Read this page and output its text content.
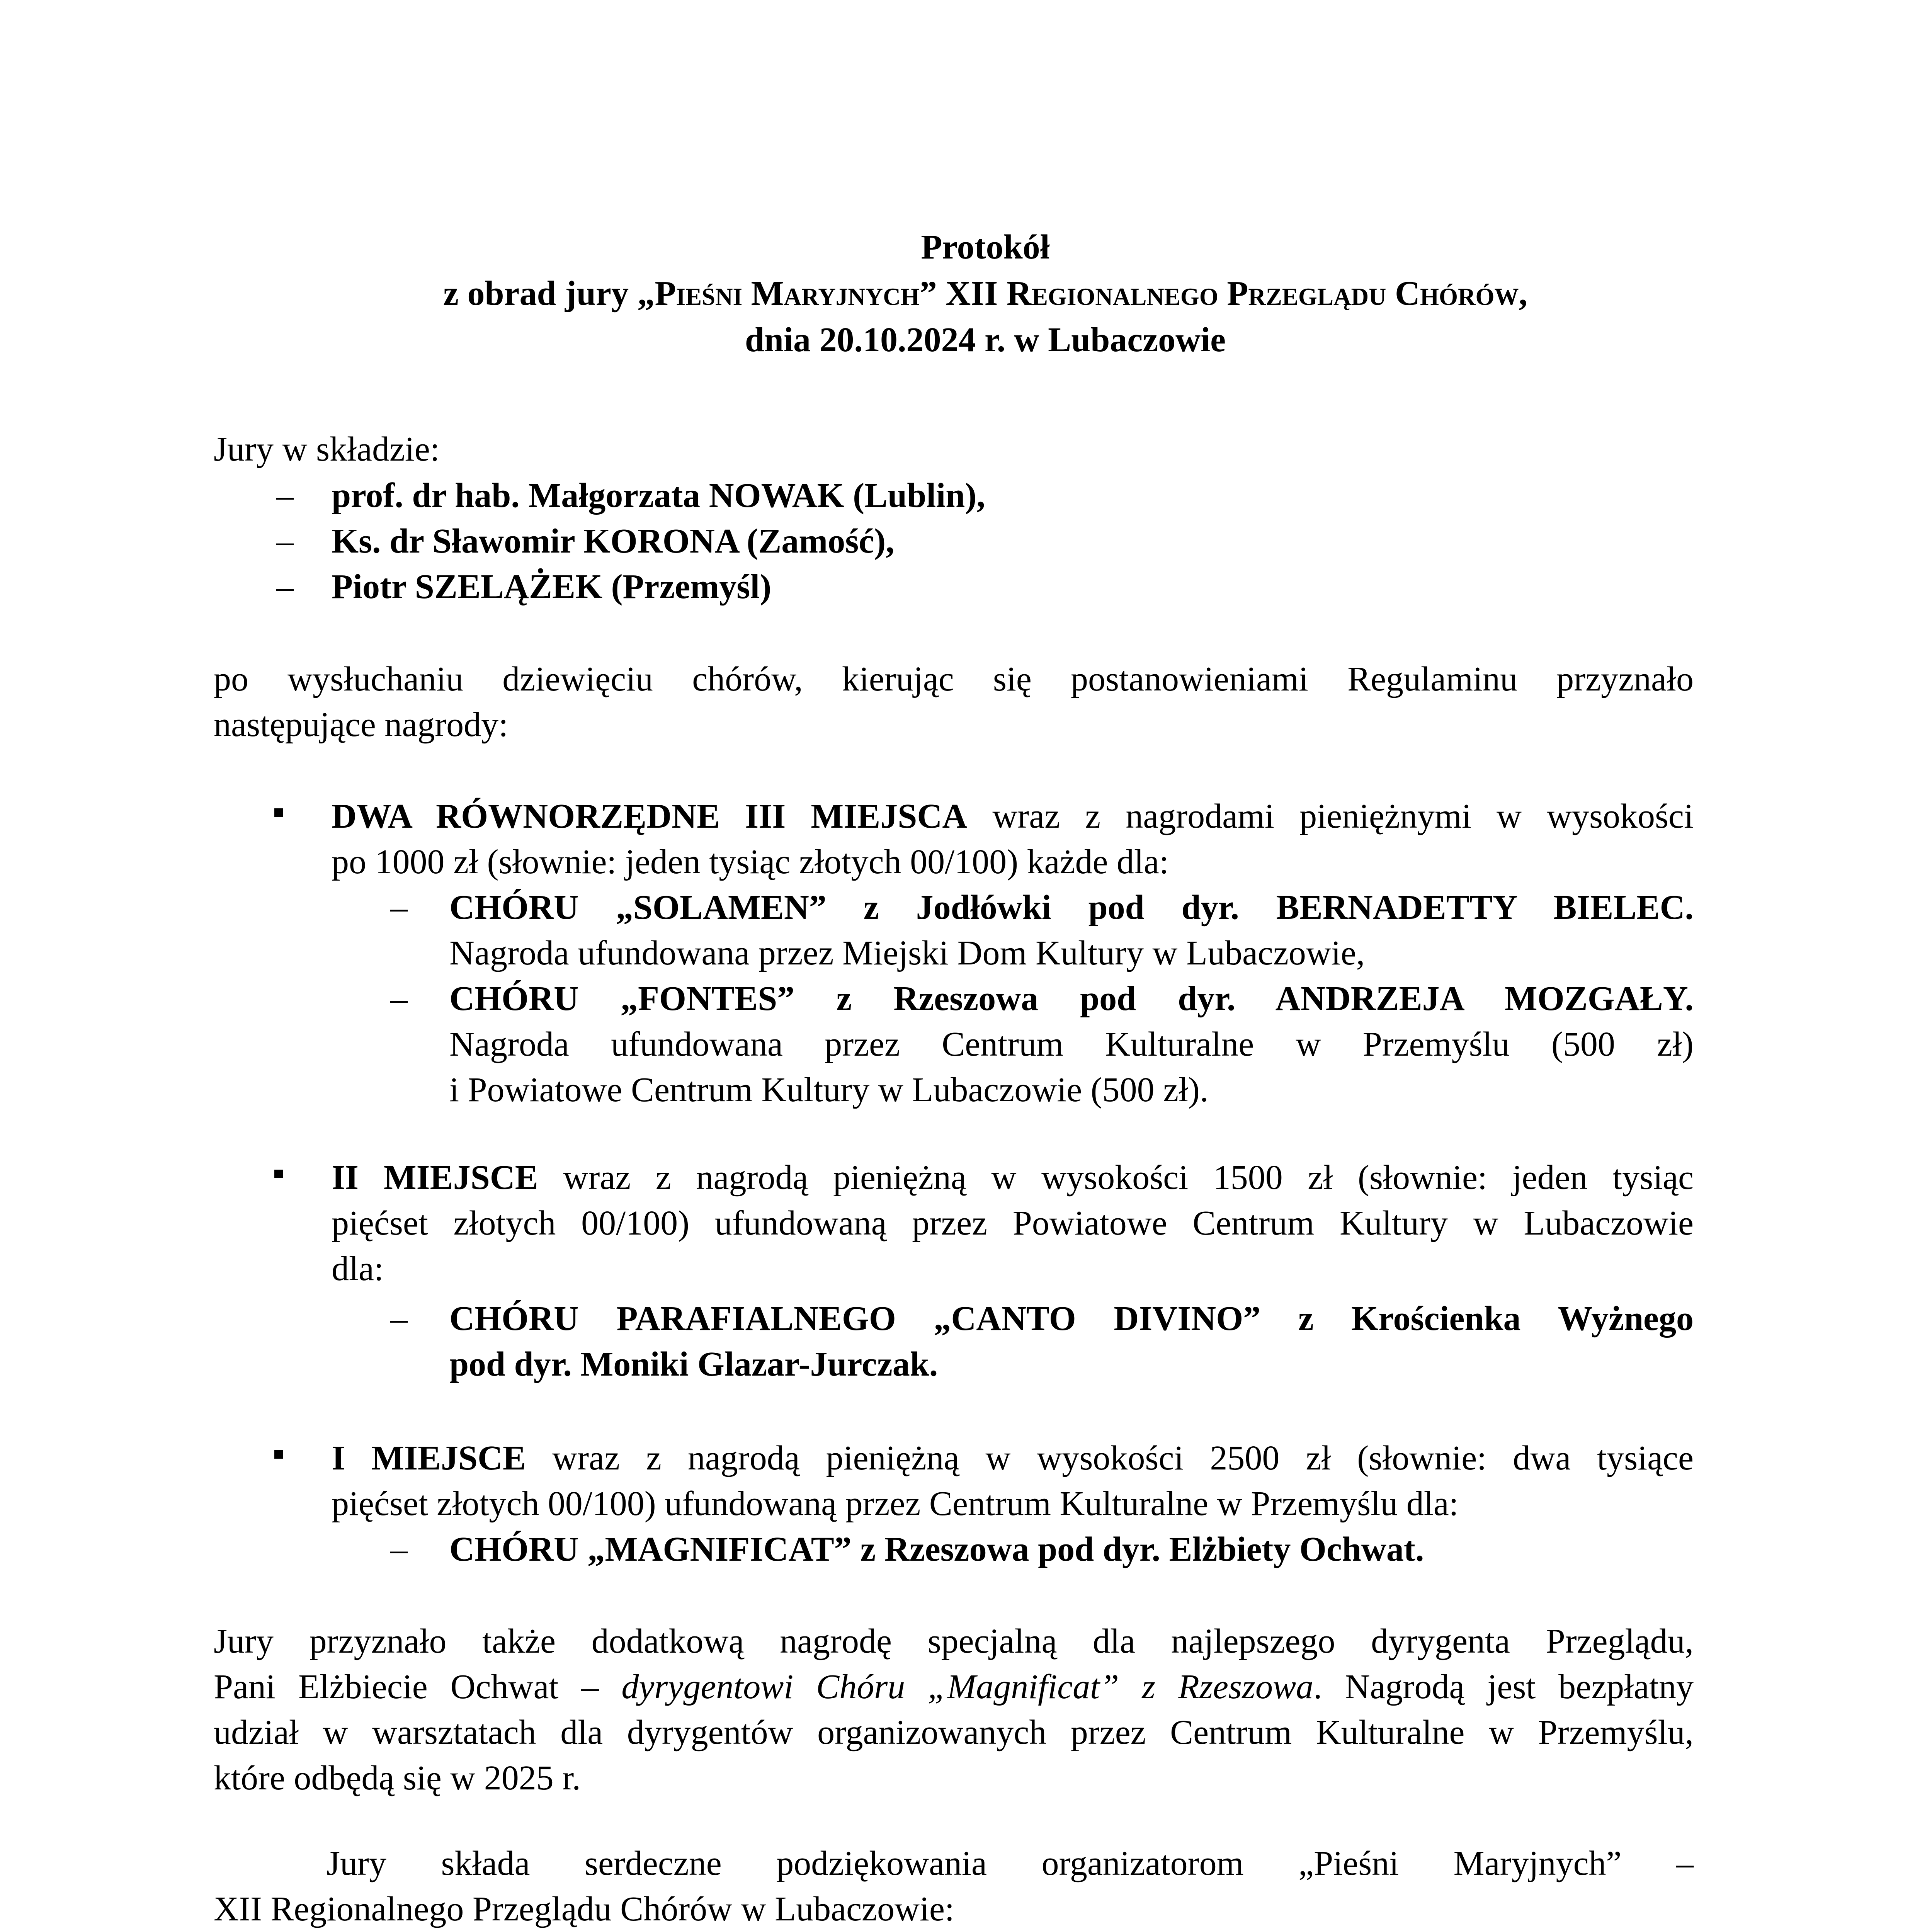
Protokół
z obrad jury „Pieśni Maryjnych” XII Regionalnego Przeglądu Chórów,
dnia 20.10.2024 r. w Lubaczowie
Jury w składzie:
– prof. dr hab. Małgorzata NOWAK (Lublin),
– Ks. dr Sławomir KORONA (Zamość),
– Piotr SZELĄŻEK (Przemyśl)
po wysłuchaniu dziewięciu chórów, kierując się postanowieniami Regulaminu przyznało
następujące nagrody:
DWA RÓWNORZĘDNE III MIEJSCA wraz z nagrodami pieniężnymi w wysokości
po 1000 zł (słownie: jeden tysiąc złotych 00/100) każde dla:
– CHÓRU „SOLAMEN” z Jodłówki pod dyr. BERNADETTY BIELEC.
Nagroda ufundowana przez Miejski Dom Kultury w Lubaczowie,
– CHÓRU „FONTES” z Rzeszowa pod dyr. ANDRZEJA MOZGAŁY.
Nagroda ufundowana przez Centrum Kulturalne w Przemyślu (500 zł)
i Powiatowe Centrum Kultury w Lubaczowie (500 zł).
II MIEJSCE wraz z nagrodą pieniężną w wysokości 1500 zł (słownie: jeden tysiąc
pięćset złotych 00/100) ufundowaną przez Powiatowe Centrum Kultury w Lubaczowie
dla:
– CHÓRU PARAFIALNEGO „CANTO DIVINO” z Krościenka Wyżnego
pod dyr. Moniki Glazar-Jurczak.
I MIEJSCE wraz z nagrodą pieniężną w wysokości 2500 zł (słownie: dwa tysiące
pięćset złotych 00/100) ufundowaną przez Centrum Kulturalne w Przemyślu dla:
– CHÓRU „MAGNIFICAT” z Rzeszowa pod dyr. Elżbiety Ochwat.
Jury przyznało także dodatkową nagrodę specjalną dla najlepszego dyrygenta Przeglądu,
Pani Elżbiecie Ochwat – dyrygentowi Chóru „Magnificat” z Rzeszowa. Nagrodą jest bezpłatny
udział w warsztatach dla dyrygentów organizowanych przez Centrum Kulturalne w Przemyślu,
które odbędą się w 2025 r.
Jury składa serdeczne podziękowania organizatorom „Pieśni Maryjnych” –
XII Regionalnego Przeglądu Chórów w Lubaczowie:
